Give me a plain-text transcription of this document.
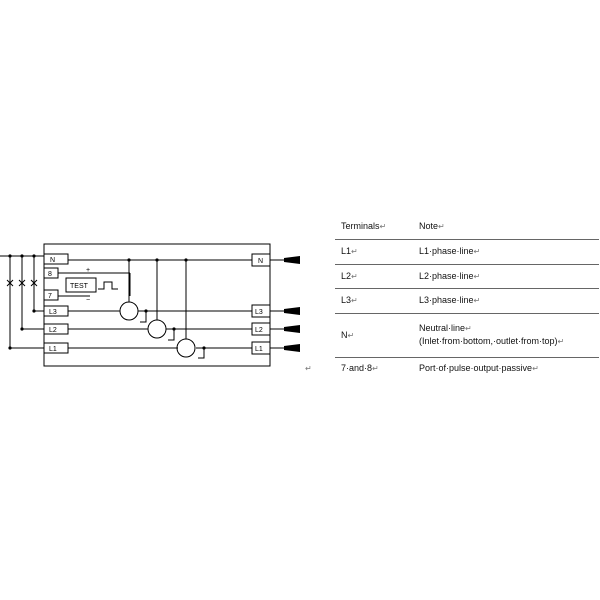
N
8
7
L3
L2
L1
N
L3
L2
L1
TEST
+
−
↵
Terminals↵	Note↵
L1↵	L1·phase·line↵
L2↵	L2·phase·line↵
L3↵	L3·phase·line↵
N↵	Neutral·line↵
(Inlet·from·bottom,·outlet·from·top)↵
7·and·8↵	Port·of·pulse·output·passive↵
